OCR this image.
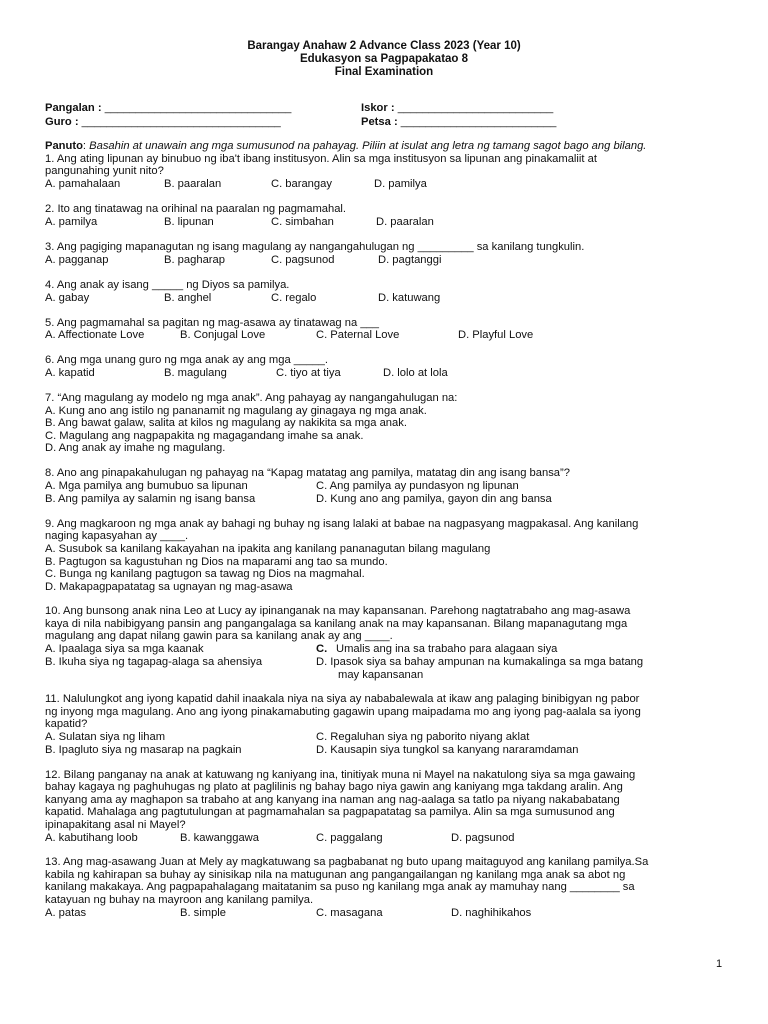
Barangay Anahaw 2 Advance Class 2023 (Year 10)
Edukasyon sa Pagpapakatao 8
Final Examination
Pangalan : ______________________________	Iskor : _________________________
Guro : ________________________________	Petsa : _________________________
Panuto: Basahin at unawain ang mga sumusunod na pahayag. Piliin at isulat ang letra ng tamang sagot bago ang bilang.
1. Ang ating lipunan ay binubuo ng iba't ibang institusyon. Alin sa mga institusyon sa lipunan ang pinakamaliit at
pangunahing yunit nito?
A. pamahalaan	B. paaralan	C. barangay	D. pamilya
2. Ito ang tinatawag na orihinal na paaralan ng pagmamahal.
A. pamilya	B. lipunan	C. simbahan	D. paaralan
3. Ang pagiging mapanagutan ng isang magulang ay nangangahulugan ng _________ sa kanilang tungkulin.
A. pagganap	B. pagharap	C. pagsunod	D. pagtanggi
4. Ang anak ay isang _____ ng Diyos sa pamilya.
A. gabay	B. anghel	C. regalo	D. katuwang
5. Ang pagmamahal sa pagitan ng mag-asawa ay tinatawag na ___
A. Affectionate Love	B. Conjugal Love	C. Paternal Love	D. Playful Love
6. Ang mga unang guro ng mga anak ay ang mga _____.
A. kapatid	B. magulang	C. tiyo at tiya	D. lolo at lola
7. “Ang magulang ay modelo ng mga anak”. Ang pahayag ay nangangahulugan na:
A. Kung ano ang istilo ng pananamit ng magulang ay ginagaya ng mga anak.
B. Ang bawat galaw, salita at kilos ng magulang ay nakikita sa mga anak.
C. Magulang ang nagpapakita ng magagandang imahe sa anak.
D. Ang anak ay imahe ng magulang.
8. Ano ang pinapakahulugan ng pahayag na “Kapag matatag ang pamilya, matatag din ang isang bansa”?
A. Mga pamilya ang bumubuo sa lipunan	C. Ang pamilya ay pundasyon ng lipunan
B. Ang pamilya ay salamin ng isang bansa	D. Kung ano ang pamilya, gayon din ang bansa
9. Ang magkaroon ng mga anak ay bahagi ng buhay ng isang lalaki at babae na nagpasyang magpakasal. Ang kanilang
naging kapasyahan ay ____.
A. Susubok sa kanilang kakayahan na ipakita ang kanilang pananagutan bilang magulang
B. Pagtugon sa kagustuhan ng Dios na maparami ang tao sa mundo.
C. Bunga ng kanilang pagtugon sa tawag ng Dios na magmahal.
D. Makapagpapatatag sa ugnayan ng mag-asawa
10. Ang bunsong anak nina Leo at Lucy ay ipinanganak na may kapansanan. Parehong nagtatrabaho ang mag-asawa
kaya di nila nabibigyang pansin ang pangangalaga sa kanilang anak na may kapansanan. Bilang mapanagutang mga
magulang ang dapat nilang gawin para sa kanilang anak ay ang ____.
A. Ipaalaga siya sa mga kaanak	C. Umalis ang ina sa trabaho para alagaan siya
B. Ikuha siya ng tagapag-alaga sa ahensiya	D. Ipasok siya sa bahay ampunan na kumakalinga sa mga batang
may kapansanan
11. Nalulungkot ang iyong kapatid dahil inaakala niya na siya ay nababalewala at ikaw ang palaging binibigyan ng pabor
ng inyong mga magulang. Ano ang iyong pinakamabuting gagawin upang maipadama mo ang iyong pag-aalala sa iyong
kapatid?
A. Sulatan siya ng liham	C. Regaluhan siya ng paborito niyang aklat
B. Ipagluto siya ng masarap na pagkain	D. Kausapin siya tungkol sa kanyang nararamdaman
12. Bilang panganay na anak at katuwang ng kaniyang ina, tinitiyak muna ni Mayel na nakatulong siya sa mga gawaing
bahay kagaya ng paghuhugas ng plato at paglilinis ng bahay bago niya gawin ang kaniyang mga takdang aralin. Ang
kanyang ama ay maghapon sa trabaho at ang kanyang ina naman ang nag-aalaga sa tatlo pa niyang nakababatang
kapatid. Mahalaga ang pagtutulungan at pagmamahalan sa pagpapatatag sa pamilya. Alin sa mga sumusunod ang
ipinapakitang asal ni Mayel?
A. kabutihang loob	B. kawanggawa	C. paggalang	D. pagsunod
13. Ang mag-asawang Juan at Mely ay magkatuwang sa pagbabanat ng buto upang maitaguyod ang kanilang pamilya.Sa
kabila ng kahirapan sa buhay ay sinisikap nila na matugunan ang pangangailangan ng kanilang mga anak sa abot ng
kanilang makakaya. Ang pagpapahalagang maitatanim sa puso ng kanilang mga anak ay mamuhay nang ________ sa
katayuan ng buhay na mayroon ang kanilang pamilya.
A. patas	B. simple	C. masagana	D. naghihikahos
1
